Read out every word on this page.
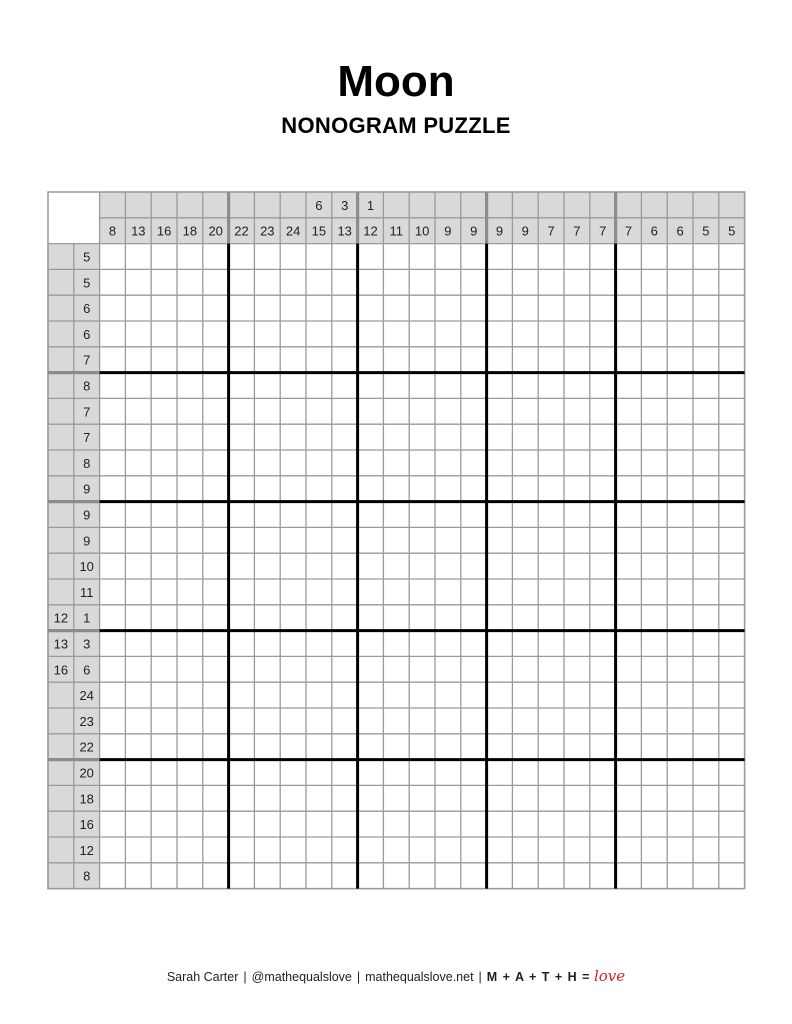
Moon
NONOGRAM PUZZLE
8 13 16 18 20 22 23 24
6
15
3
13
1
12 11 10 9 9 9 9 7 7 7 7 6 6 5 5
5
5
6
6
7
8
7
7
8
9
9
9
10
11
12 1
13 3
16 6
24
23
22
20
18
16
12
8
Sarah Carter | @mathequalslove | mathequalslove.net | M + A + T + H = love
